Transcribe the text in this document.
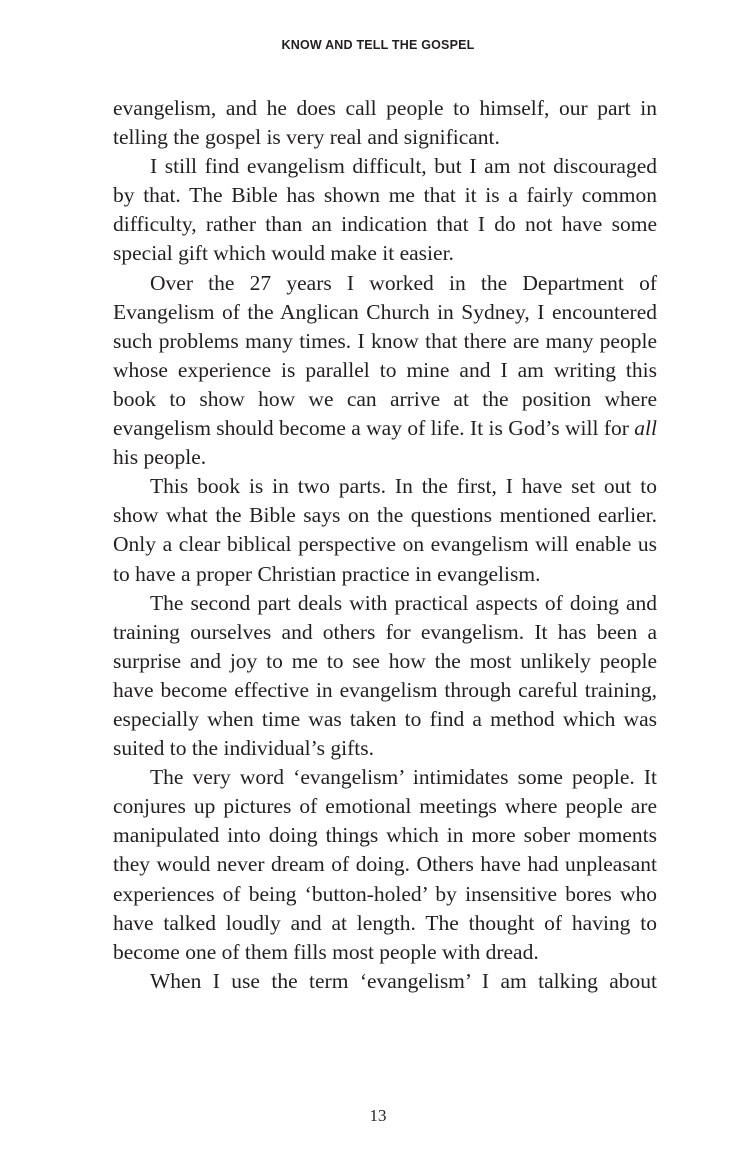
KNOW AND TELL THE GOSPEL

evangelism, and he does call people to himself, our part in telling the gospel is very real and significant.

I still find evangelism difficult, but I am not discouraged by that. The Bible has shown me that it is a fairly common difficulty, rather than an indication that I do not have some special gift which would make it easier.

Over the 27 years I worked in the Department of Evangelism of the Anglican Church in Sydney, I encountered such problems many times. I know that there are many people whose experience is parallel to mine and I am writing this book to show how we can arrive at the position where evangelism should become a way of life. It is God’s will for all his people.

This book is in two parts. In the first, I have set out to show what the Bible says on the questions mentioned earlier. Only a clear biblical perspective on evangelism will enable us to have a proper Christian practice in evangelism.

The second part deals with practical aspects of doing and training ourselves and others for evangelism. It has been a surprise and joy to me to see how the most unlikely people have become effective in evangelism through careful training, especially when time was taken to find a method which was suited to the individual’s gifts.

The very word ‘evangelism’ intimidates some people. It conjures up pictures of emotional meetings where people are manipulated into doing things which in more sober moments they would never dream of doing. Others have had unpleasant experiences of being ‘button-holed’ by insensitive bores who have talked loudly and at length. The thought of having to become one of them fills most people with dread.

When I use the term ‘evangelism’ I am talking about

13
